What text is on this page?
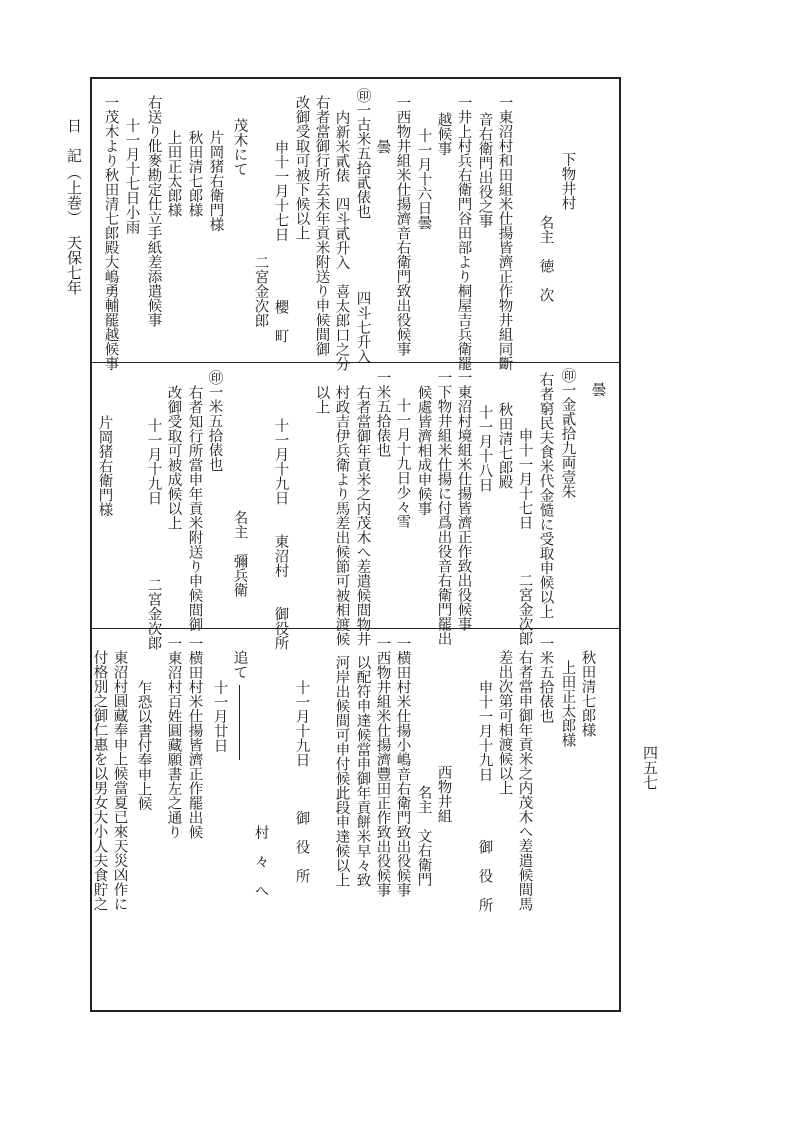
日　記
（上巻）
天保七年
四五七
下物井村
名主　徳　次
一東沼村和田組米仕揚皆濟正作物井組同斷
音右衛門出役之事
一井上村兵右衛門谷田部より桐屋吉兵衛罷
越候事
十一月十六日曇
一西物井組米仕揚濟音右衛門致出役候事
曇
㊞一古米五拾貳俵也　　　　　四斗七升入
内新米貳俵　四斗貳升入　喜太郎口之分
右者當御行所去未年貢米附送り申候間御
改御受取可被下候以上
申十一月十七日　　　　櫻　町
二宮金次郎
茂木にて
片岡猪右衛門様
秋田清七郎様
上田正太郎様
右送り仳麥勘定仕立手紙差添遣候事
十一月十七日小雨
一茂木より秋田清七郎殿大嶋勇輔罷越候事
曇
㊞一金貳拾九両壹朱
右者窮民夫食米代金慥に受取申候以上
申十一月十七日　　　二宮金次郎
秋田清七郎殿
十一月十八日
一東沼村境組米仕揚皆濟正作致出役候事
一下物井組米仕揚に付爲出役音右衛門罷出
候處皆濟相成申候事
十一月十九日少々雪
一米五拾俵也
右者當御年貢米之内茂木へ差遣候間物井
村政吉伊兵衛より馬差出候節可被相渡候
以上
十一月十九日　　東沼村　　御役所
名主　彌兵衛
㊞一米五拾俵也
右者知行所當申年貢米附送り申候間御
改御受取可被成候以上
十一月十九日　　　　　二宮金次郎
片岡猪右衛門様
秋田清七郎様
上田正太郎様
一米五拾俵也
右者當申御年貢米之内茂木へ差遣候間馬
差出次第可相渡候以上
申十一月十九日　　　　御　役　所
西物井組
名主　文右衛門
一横田村米仕揚小嶋音右衛門致出役候事
一西物井組米仕揚濟豐田正作致出役候事
以配符申達候當申御年貢餅米早々致
河岸出候間可申付候此段申達候以上
十一月十九日　　　御　役　所
村　々　へ
追て
十一月廿日
一横田村米仕揚皆濟正作罷出候
一東沼村百姓圓藏願書左之通り
乍恐以書付奉申上候
東沼村圓藏奉申上候當夏已來天災凶作に
付格別之御仁惠を以男女大小人夫食貯之
